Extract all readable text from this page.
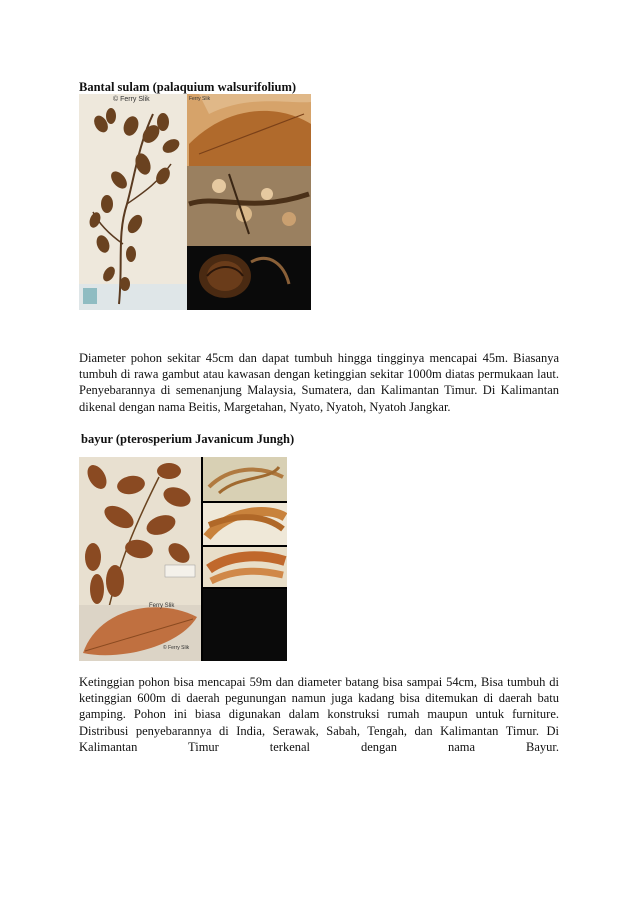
Bantal sulam (palaquium walsurifolium)
© Ferry Slik	Ferry Slik
Diameter pohon sekitar 45cm dan dapat tumbuh hingga tingginya mencapai 45m. Biasanya tumbuh di rawa gambut atau kawasan dengan ketinggian sekitar 1000m diatas permukaan laut. Penyebarannya di semenanjung Malaysia, Sumatera, dan Kalimantan Timur. Di Kalimantan dikenal dengan nama Beitis, Margetahan, Nyato, Nyatoh, Nyatoh Jangkar.
bayur (pterosperium Javanicum Jungh)
Ferry Slik
© Ferry Slik
Ketinggian pohon bisa mencapai 59m dan diameter batang bisa sampai 54cm, Bisa tumbuh di ketinggian 600m di daerah pegunungan namun juga kadang bisa ditemukan di daerah batu gamping. Pohon ini biasa digunakan dalam konstruksi rumah maupun untuk furniture. Distribusi penyebarannya di India, Serawak, Sabah, Tengah, dan Kalimantan Timur. Di Kalimantan Timur terkenal dengan nama Bayur.
